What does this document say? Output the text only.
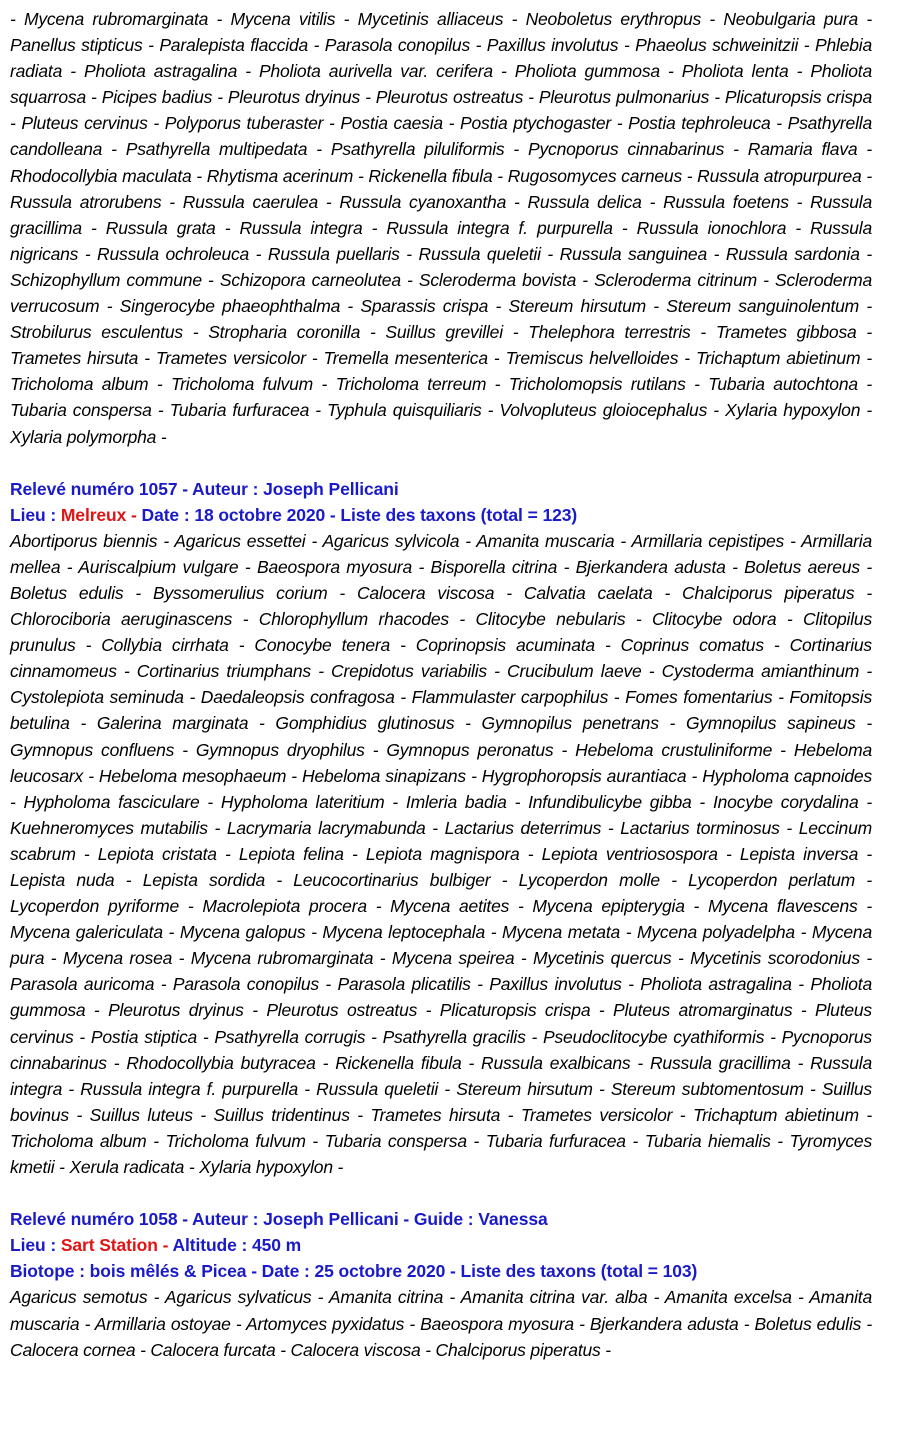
- Mycena rubromarginata - Mycena vitilis - Mycetinis alliaceus - Neoboletus erythropus - Neobulgaria pura - Panellus stipticus - Paralepista flaccida - Parasola conopilus - Paxillus involutus - Phaeolus schweinitzii - Phlebia radiata - Pholiota astragalina - Pholiota aurivella var. cerifera - Pholiota gummosa - Pholiota lenta - Pholiota squarrosa - Picipes badius - Pleurotus dryinus - Pleurotus ostreatus - Pleurotus pulmonarius - Plicaturopsis crispa - Pluteus cervinus - Polyporus tuberaster - Postia caesia - Postia ptychogaster - Postia tephroleuca - Psathyrella candolleana - Psathyrella multipedata - Psathyrella piluliformis - Pycnoporus cinnabarinus - Ramaria flava - Rhodocollybia maculata - Rhytisma acerinum - Rickenella fibula - Rugosomyces carneus - Russula atropurpurea - Russula atrorubens - Russula caerulea - Russula cyanoxantha - Russula delica - Russula foetens - Russula gracillima - Russula grata - Russula integra - Russula integra f. purpurella - Russula ionochlora - Russula nigricans - Russula ochroleuca - Russula puellaris - Russula queletii - Russula sanguinea - Russula sardonia - Schizophyllum commune - Schizopora carneolutea - Scleroderma bovista - Scleroderma citrinum - Scleroderma verrucosum - Singerocybe phaeophthalma - Sparassis crispa - Stereum hirsutum - Stereum sanguinolentum - Strobilurus esculentus - Stropharia coronilla - Suillus grevillei - Thelephora terrestris - Trametes gibbosa - Trametes hirsuta - Trametes versicolor - Tremella mesenterica - Tremiscus helvelloides - Trichaptum abietinum - Tricholoma album - Tricholoma fulvum - Tricholoma terreum - Tricholomopsis rutilans - Tubaria autochtona - Tubaria conspersa - Tubaria furfuracea - Typhula quisquiliaris - Volvopluteus gloiocephalus - Xylaria hypoxylon - Xylaria polymorpha -

Relevé numéro 1057 - Auteur : Joseph Pellicani

Lieu : Melreux - Date : 18 octobre 2020 - Liste des taxons (total = 123)

Abortiporus biennis - Agaricus essettei - Agaricus sylvicola - Amanita muscaria - Armillaria cepistipes - Armillaria mellea - Auriscalpium vulgare - Baeospora myosura - Bisporella citrina - Bjerkandera adusta - Boletus aereus - Boletus edulis - Byssomerulius corium - Calocera viscosa - Calvatia caelata - Chalciporus piperatus - Chlorociboria aeruginascens - Chlorophyllum rhacodes - Clitocybe nebularis - Clitocybe odora - Clitopilus prunulus - Collybia cirrhata - Conocybe tenera - Coprinopsis acuminata - Coprinus comatus - Cortinarius cinnamomeus - Cortinarius triumphans - Crepidotus variabilis - Crucibulum laeve - Cystoderma amianthinum - Cystolepiota seminuda - Daedaleopsis confragosa - Flammulaster carpophilus - Fomes fomentarius - Fomitopsis betulina - Galerina marginata - Gomphidius glutinosus - Gymnopilus penetrans - Gymnopilus sapineus - Gymnopus confluens - Gymnopus dryophilus - Gymnopus peronatus - Hebeloma crustuliniforme - Hebeloma leucosarx - Hebeloma mesophaeum - Hebeloma sinapizans - Hygrophoropsis aurantiaca - Hypholoma capnoides - Hypholoma fasciculare - Hypholoma lateritium - Imleria badia - Infundibulicybe gibba - Inocybe corydalina - Kuehneromyces mutabilis - Lacrymaria lacrymabunda - Lactarius deterrimus - Lactarius torminosus - Leccinum scabrum - Lepiota cristata - Lepiota felina - Lepiota magnispora - Lepiota ventriosospora - Lepista inversa - Lepista nuda - Lepista sordida - Leucocortinarius bulbiger - Lycoperdon molle - Lycoperdon perlatum - Lycoperdon pyriforme - Macrolepiota procera - Mycena aetites - Mycena epipterygia - Mycena flavescens - Mycena galericulata - Mycena galopus - Mycena leptocephala - Mycena metata - Mycena polyadelpha - Mycena pura - Mycena rosea - Mycena rubromarginata - Mycena speirea - Mycetinis quercus - Mycetinis scorodonius - Parasola auricoma - Parasola conopilus - Parasola plicatilis - Paxillus involutus - Pholiota astragalina - Pholiota gummosa - Pleurotus dryinus - Pleurotus ostreatus - Plicaturopsis crispa - Pluteus atromarginatus - Pluteus cervinus - Postia stiptica - Psathyrella corrugis - Psathyrella gracilis - Pseudoclitocybe cyathiformis - Pycnoporus cinnabarinus - Rhodocollybia butyracea - Rickenella fibula - Russula exalbicans - Russula gracillima - Russula integra - Russula integra f. purpurella - Russula queletii - Stereum hirsutum - Stereum subtomentosum - Suillus bovinus - Suillus luteus - Suillus tridentinus - Trametes hirsuta - Trametes versicolor - Trichaptum abietinum - Tricholoma album - Tricholoma fulvum - Tubaria conspersa - Tubaria furfuracea - Tubaria hiemalis - Tyromyces kmetii - Xerula radicata - Xylaria hypoxylon -

Relevé numéro 1058 - Auteur : Joseph Pellicani - Guide : Vanessa

Lieu : Sart Station - Altitude : 450 m

Biotope : bois mêlés & Picea - Date : 25 octobre 2020 - Liste des taxons (total = 103)

Agaricus semotus - Agaricus sylvaticus - Amanita citrina - Amanita citrina var. alba - Amanita excelsa - Amanita muscaria - Armillaria ostoyae - Artomyces pyxidatus - Baeospora myosura - Bjerkandera adusta - Boletus edulis - Calocera cornea - Calocera furcata - Calocera viscosa - Chalciporus piperatus -
